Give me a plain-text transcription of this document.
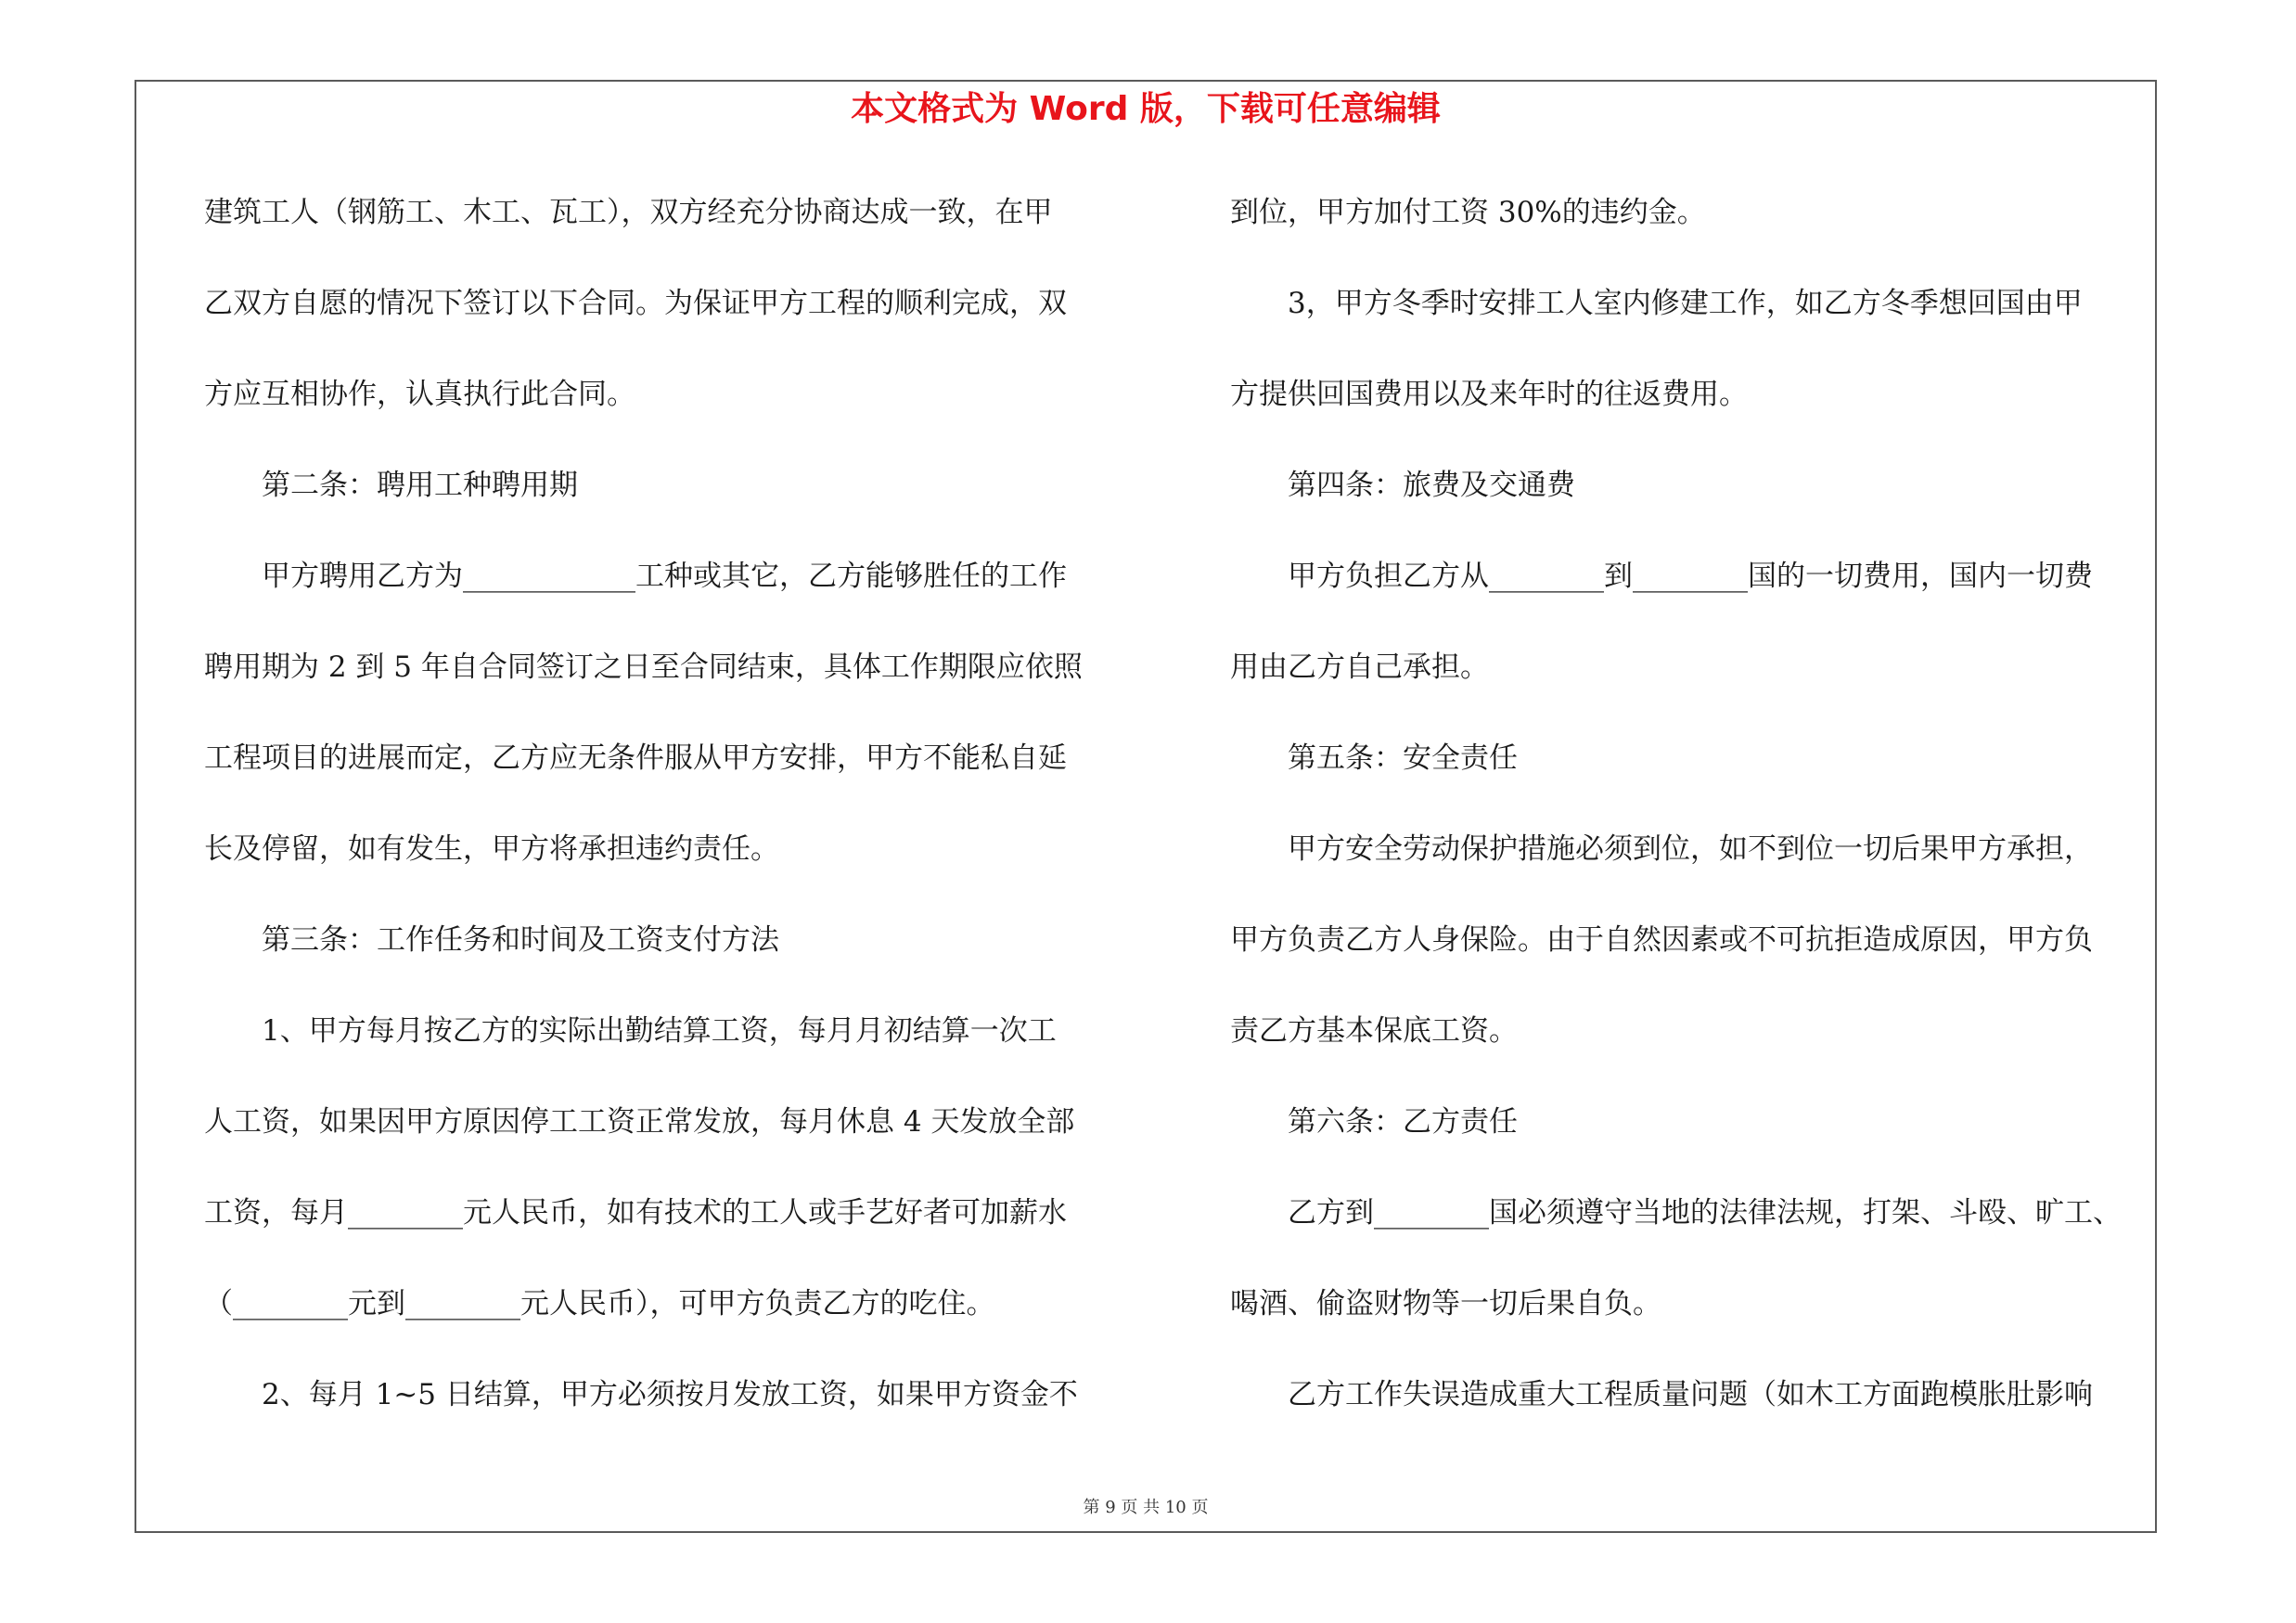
本文格式为 Word 版，下载可任意编辑
建筑工人（钢筋工、木工、瓦工），双方经充分协商达成一致，在甲
乙双方自愿的情况下签订以下合同。为保证甲方工程的顺利完成，双
方应互相协作，认真执行此合同。
　　第二条：聘用工种聘用期
　　甲方聘用乙方为____________工种或其它，乙方能够胜任的工作
聘用期为 2 到 5 年自合同签订之日至合同结束，具体工作期限应依照
工程项目的进展而定，乙方应无条件服从甲方安排，甲方不能私自延
长及停留，如有发生，甲方将承担违约责任。
　　第三条：工作任务和时间及工资支付方法
　　1、甲方每月按乙方的实际出勤结算工资，每月月初结算一次工
人工资，如果因甲方原因停工工资正常发放，每月休息 4 天发放全部
工资，每月________元人民币，如有技术的工人或手艺好者可加薪水
（________元到________元人民币），可甲方负责乙方的吃住。
　　2、每月 1~5 日结算，甲方必须按月发放工资，如果甲方资金不
到位，甲方加付工资 30%的违约金。
　　3，甲方冬季时安排工人室内修建工作，如乙方冬季想回国由甲
方提供回国费用以及来年时的往返费用。
　　第四条：旅费及交通费
　　甲方负担乙方从________到________国的一切费用，国内一切费
用由乙方自己承担。
　　第五条：安全责任
　　甲方安全劳动保护措施必须到位，如不到位一切后果甲方承担，
甲方负责乙方人身保险。由于自然因素或不可抗拒造成原因，甲方负
责乙方基本保底工资。
　　第六条：乙方责任
　　乙方到________国必须遵守当地的法律法规，打架、斗殴、旷工、
喝酒、偷盗财物等一切后果自负。
　　乙方工作失误造成重大工程质量问题（如木工方面跑模胀肚影响
第 9 页 共 10 页
